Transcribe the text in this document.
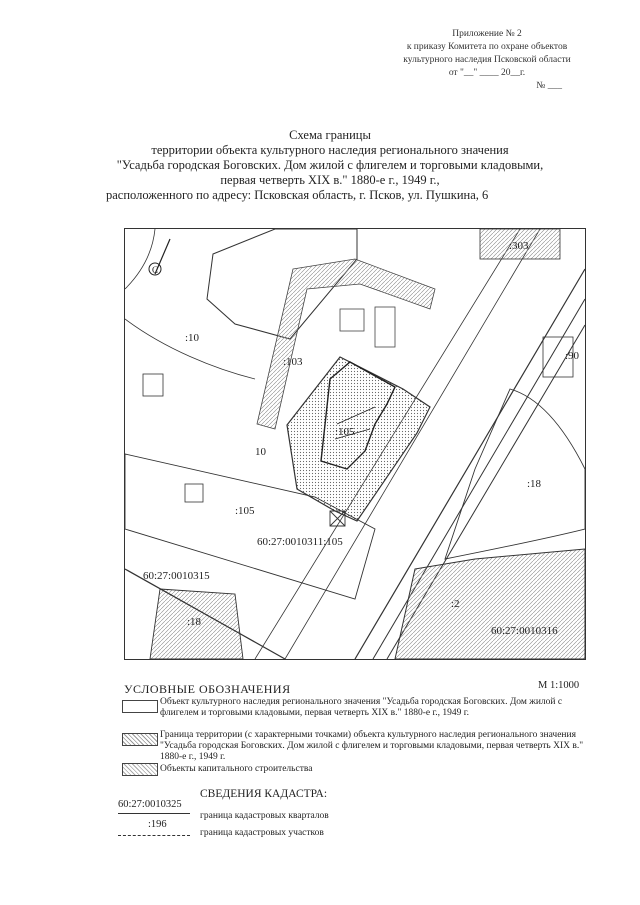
Приложение № 2
к приказу Комитета по охране объектов
культурного наследия Псковской области
от "__" ____ 20__г.
№ ___
Схема границы
территории объекта культурного наследия регионального значения
"Усадьба городская Боговских. Дом жилой с флигелем и торговыми кладовыми,
первая четверть XIX в." 1880-е г., 1949 г.,
расположенного по адресу: Псковская область, г. Псков, ул. Пушкина, 6
С
:303
:10
:103	:90
:105
10
:18
:105
60:27:0010311:105
60:27:0010315
:18
:2
60:27:0010316
УСЛОВНЫЕ ОБОЗНАЧЕНИЯ	М 1:1000
Объект культурного наследия регионального значения "Усадьба городская Боговских. Дом жилой с флигелем и торговыми кладовыми, первая четверть XIX в." 1880-е г., 1949 г.
Граница территории (с характерными точками) объекта культурного наследия регионального значения "Усадьба городская Боговских. Дом жилой с флигелем и торговыми кладовыми, первая четверть XIX в." 1880-е г., 1949 г.
Объекты капитального строительства
СВЕДЕНИЯ КАДАСТРА:
60:27:0010325
граница кадастровых кварталов
:196
граница кадастровых участков
